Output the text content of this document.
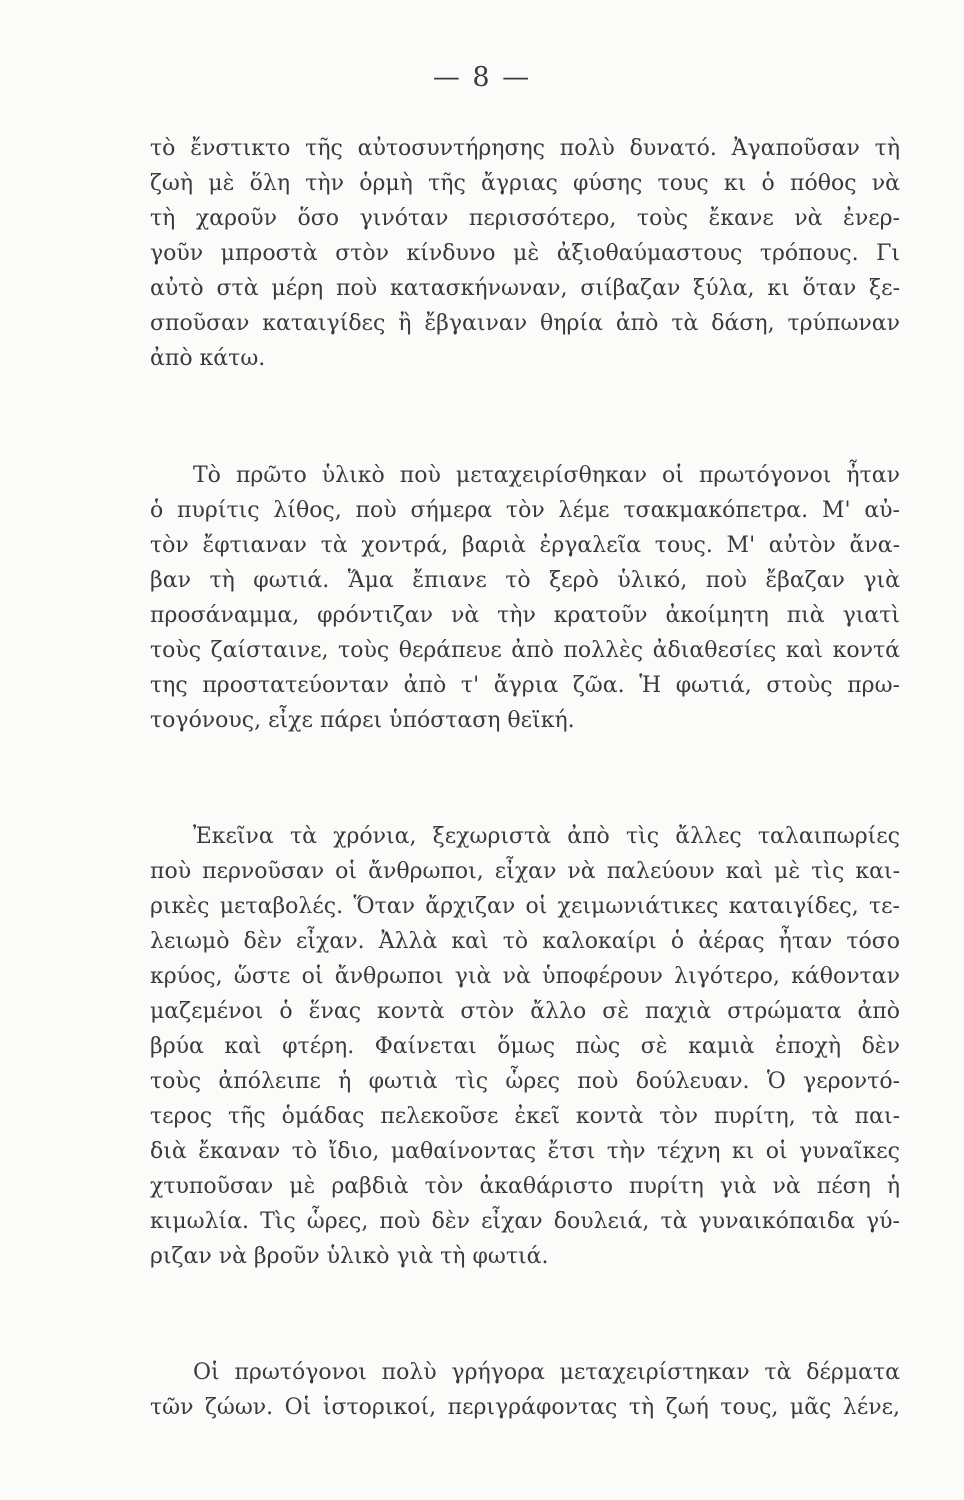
— 8 —
τὸ ἔνστικτο τῆς αὐτοσυντήρησης πολὺ δυνατό. Ἀγαποῦσαν τὴ
ζωὴ μὲ ὅλη τὴν ὁρμὴ τῆς ἄγριας φύσης τους κι ὁ πόθος νὰ
τὴ χαροῦν ὅσο γινόταν περισσότερο, τοὺς ἔκανε νὰ ἐνερ-
γοῦν μπροστὰ στὸν κίνδυνο μὲ ἀξιοθαύμαστους τρόπους. Γι
αὐτὸ στὰ μέρη ποὺ κατασκήνωναν, σιίβαζαν ξύλα, κι ὅταν ξε-
σποῦσαν καταιγίδες ἢ ἔβγαιναν θηρία ἀπὸ τὰ δάση, τρύπωναν
ἀπὸ κάτω.
Τὸ πρῶτο ὑλικὸ ποὺ μεταχειρίσθηκαν οἱ πρωτόγονοι ἦταν
ὁ πυρίτις λίθος, ποὺ σήμερα τὸν λέμε τσακμακόπετρα. Μ' αὐ-
τὸν ἔφτιαναν τὰ χοντρά, βαριὰ ἐργαλεῖα τους. Μ' αὐτὸν ἄνα-
βαν τὴ φωτιά. Ἅμα ἔπιανε τὸ ξερὸ ὑλικό, ποὺ ἔβαζαν γιὰ
προσάναμμα, φρόντιζαν νὰ τὴν κρατοῦν ἀκοίμητη πιὰ γιατὶ
τοὺς ζαίσταινε, τοὺς θεράπευε ἀπὸ πολλὲς ἀδιαθεσίες καὶ κοντά
της προστατεύονταν ἀπὸ τ' ἄγρια ζῶα. Ἡ φωτιά, στοὺς πρω-
τογόνους, εἶχε πάρει ὑπόσταση θεϊκή.
Ἐκεῖνα τὰ χρόνια, ξεχωριστὰ ἀπὸ τὶς ἄλλες ταλαιπωρίες
ποὺ περνοῦσαν οἱ ἄνθρωποι, εἶχαν νὰ παλεύουν καὶ μὲ τὶς και-
ρικὲς μεταβολές. Ὅταν ἄρχιζαν οἱ χειμωνιάτικες καταιγίδες, τε-
λειωμὸ δὲν εἶχαν. Ἀλλὰ καὶ τὸ καλοκαίρι ὁ ἀέρας ἦταν τόσο
κρύος, ὥστε οἱ ἄνθρωποι γιὰ νὰ ὑποφέρουν λιγότερο, κάθονταν
μαζεμένοι ὁ ἕνας κοντὰ στὸν ἄλλο σὲ παχιὰ στρώματα ἀπὸ
βρύα καὶ φτέρη. Φαίνεται ὅμως πὼς σὲ καμιὰ ἐποχὴ δὲν
τοὺς ἀπόλειπε ἡ φωτιὰ τὶς ὧρες ποὺ δούλευαν. Ὁ γεροντό-
τερος τῆς ὁμάδας πελεκοῦσε ἐκεῖ κοντὰ τὸν πυρίτη, τὰ παι-
διὰ ἔκαναν τὸ ἴδιο, μαθαίνοντας ἔτσι τὴν τέχνη κι οἱ γυναῖκες
χτυποῦσαν μὲ ραβδιὰ τὸν ἀκαθάριστο πυρίτη γιὰ νὰ πέση ἡ
κιμωλία. Τὶς ὧρες, ποὺ δὲν εἶχαν δουλειά, τὰ γυναικόπαιδα γύ-
ριζαν νὰ βροῦν ὑλικὸ γιὰ τὴ φωτιά.
Οἱ πρωτόγονοι πολὺ γρήγορα μεταχειρίστηκαν τὰ δέρματα
τῶν ζώων. Οἱ ἱστορικοί, περιγράφοντας τὴ ζωή τους, μᾶς λένε,
